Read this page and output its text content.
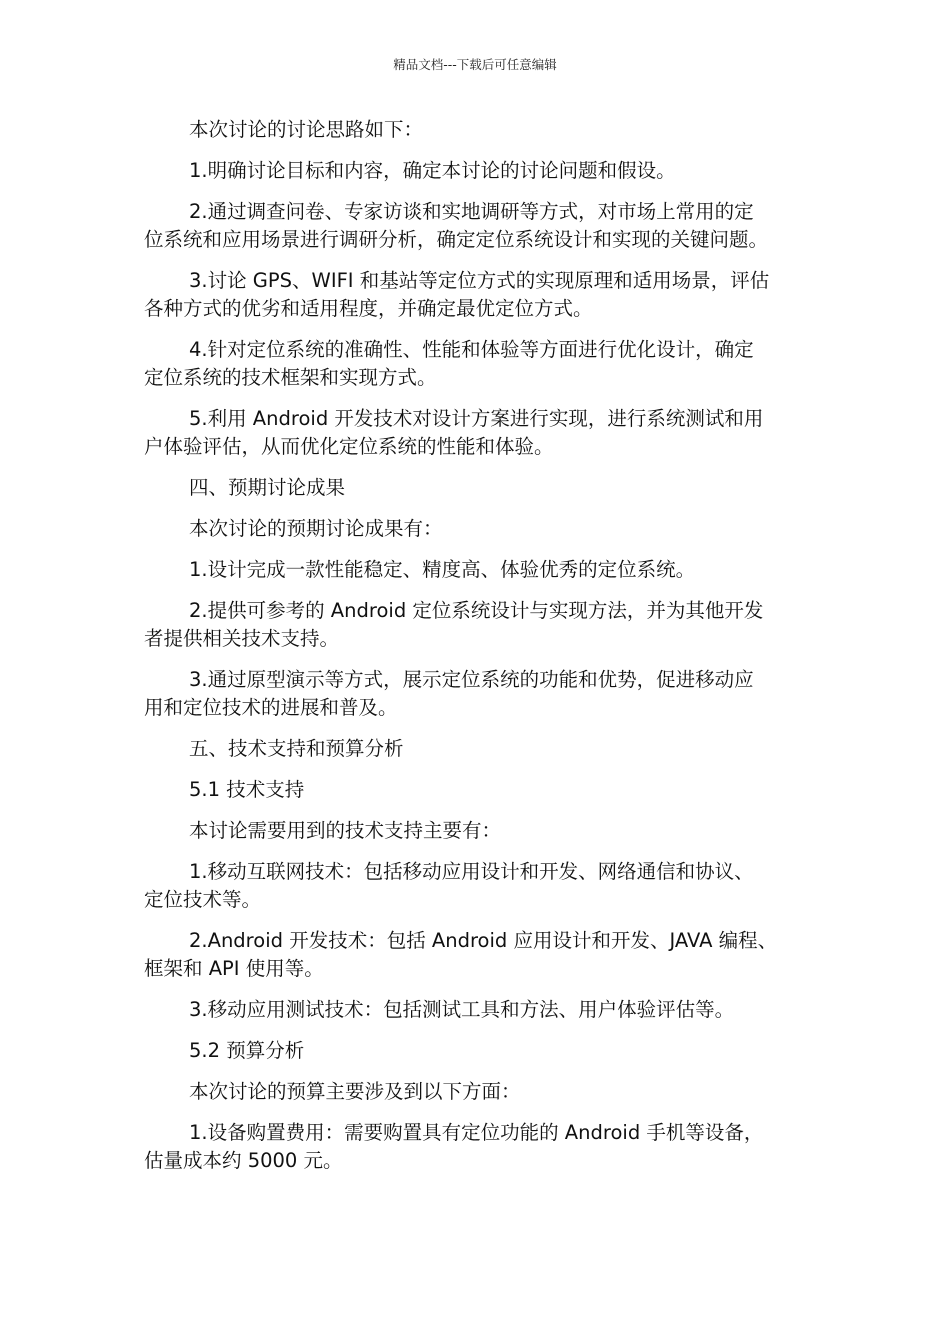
精品文档---下载后可任意编辑

本次讨论的讨论思路如下：

1.明确讨论目标和内容，确定本讨论的讨论问题和假设。

2.通过调查问卷、专家访谈和实地调研等方式，对市场上常用的定
位系统和应用场景进行调研分析，确定定位系统设计和实现的关键问题。

3.讨论 GPS、WIFI 和基站等定位方式的实现原理和适用场景，评估
各种方式的优劣和适用程度，并确定最优定位方式。

4.针对定位系统的准确性、性能和体验等方面进行优化设计，确定
定位系统的技术框架和实现方式。

5.利用 Android 开发技术对设计方案进行实现，进行系统测试和用
户体验评估，从而优化定位系统的性能和体验。

四、预期讨论成果

本次讨论的预期讨论成果有：

1.设计完成一款性能稳定、精度高、体验优秀的定位系统。

2.提供可参考的 Android 定位系统设计与实现方法，并为其他开发
者提供相关技术支持。

3.通过原型演示等方式，展示定位系统的功能和优势，促进移动应
用和定位技术的进展和普及。

五、技术支持和预算分析

5.1 技术支持

本讨论需要用到的技术支持主要有：

1.移动互联网技术：包括移动应用设计和开发、网络通信和协议、
定位技术等。

2.Android 开发技术：包括 Android 应用设计和开发、JAVA 编程、
框架和 API 使用等。

3.移动应用测试技术：包括测试工具和方法、用户体验评估等。

5.2 预算分析

本次讨论的预算主要涉及到以下方面：

1.设备购置费用：需要购置具有定位功能的 Android 手机等设备，
估量成本约 5000 元。
